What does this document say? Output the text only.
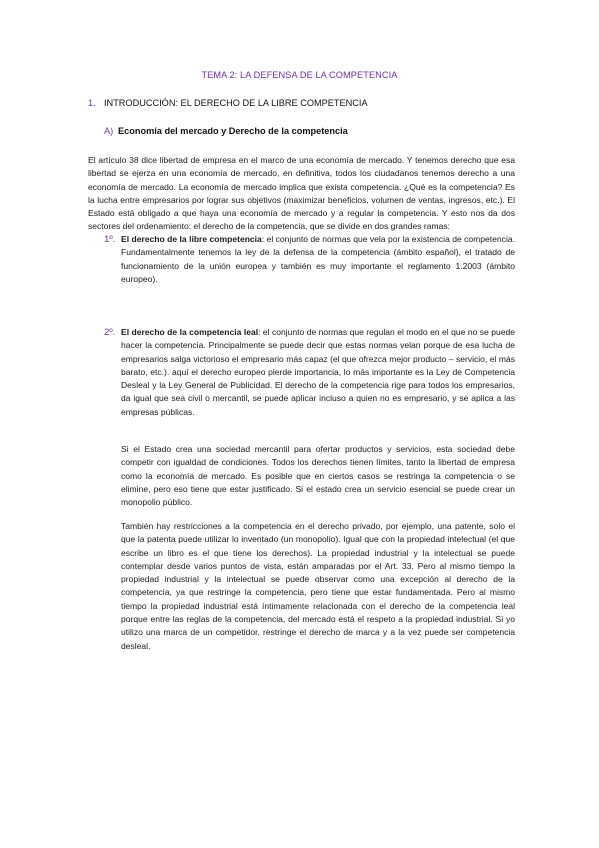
TEMA 2: LA DEFENSA DE LA COMPETENCIA
1. INTRODUCCIÓN: EL DERECHO DE LA LIBRE COMPETENCIA
A) Economía del mercado y Derecho de la competencia

El artículo 38 dice libertad de empresa en el marco de una economía de mercado. Y tenemos derecho que esa libertad se ejerza en una economía de mercado, en definitiva, todos los ciudadanos tenemos derecho a una economía de mercado. La economía de mercado implica que exista competencia. ¿Qué es la competencia? Es la lucha entre empresarios por lograr sus objetivos (maximizar beneficios, volumen de ventas, ingresos, etc.). El Estado está obligado a que haya una economía de mercado y a regular la competencia. Y esto nos da dos sectores del ordenamiento: el derecho de la competencia, que se divide en dos grandes ramas:

1º. El derecho de la libre competencia: el conjunto de normas que vela por la existencia de competencia. Fundamentalmente tenemos la ley de la defensa de la competencia (ámbito español), el tratado de funcionamiento de la unión europea y también es muy importante el reglamento 1.2003 (ámbito europeo).

2º. El derecho de la competencia leal: el conjunto de normas que regulan el modo en el que no se puede hacer la competencia. Principalmente se puede decir que estas normas velan porque de esa lucha de empresarios salga victorioso el empresario más capaz (el que ofrezca mejor producto – servicio, el más barato, etc.). aquí el derecho europeo pierde importancia, lo más importante es la Ley de Competencia Desleal y la Ley General de Publicidad. El derecho de la competencia rige para todos los empresarios, da igual que sea civil o mercantil, se puede aplicar incluso a quien no es empresario, y se aplica a las empresas públicas.

Si el Estado crea una sociedad mercantil para ofertar productos y servicios, esta sociedad debe competir con igualdad de condiciones. Todos los derechos tienen límites, tanto la libertad de empresa como la economía de mercado. Es posible que en ciertos casos se restringa la competencia o se elimine, pero eso tiene que estar justificado. Si el estado crea un servicio esencial se puede crear un monopolio público.

También hay restricciones a la competencia en el derecho privado, por ejemplo, una patente, solo el que la patenta puede utilizar lo inventado (un monopolio). Igual que con la propiedad intelectual (el que escribe un libro es el que tiene los derechos). La propiedad industrial y la intelectual se puede contemplar desde varios puntos de vista, están amparadas por el Art. 33. Pero al mismo tiempo la propiedad industrial y la intelectual se puede observar como una excepción al derecho de la competencia, ya que restringe la competencia, pero tiene que estar fundamentada. Pero al mismo tiempo la propiedad industrial está íntimamente relacionada con el derecho de la competencia leal porque entre las reglas de la competencia, del mercado está el respeto a la propiedad industrial. Si yo utilizo una marca de un competidor, restringe el derecho de marca y a la vez puede ser competencia desleal.
